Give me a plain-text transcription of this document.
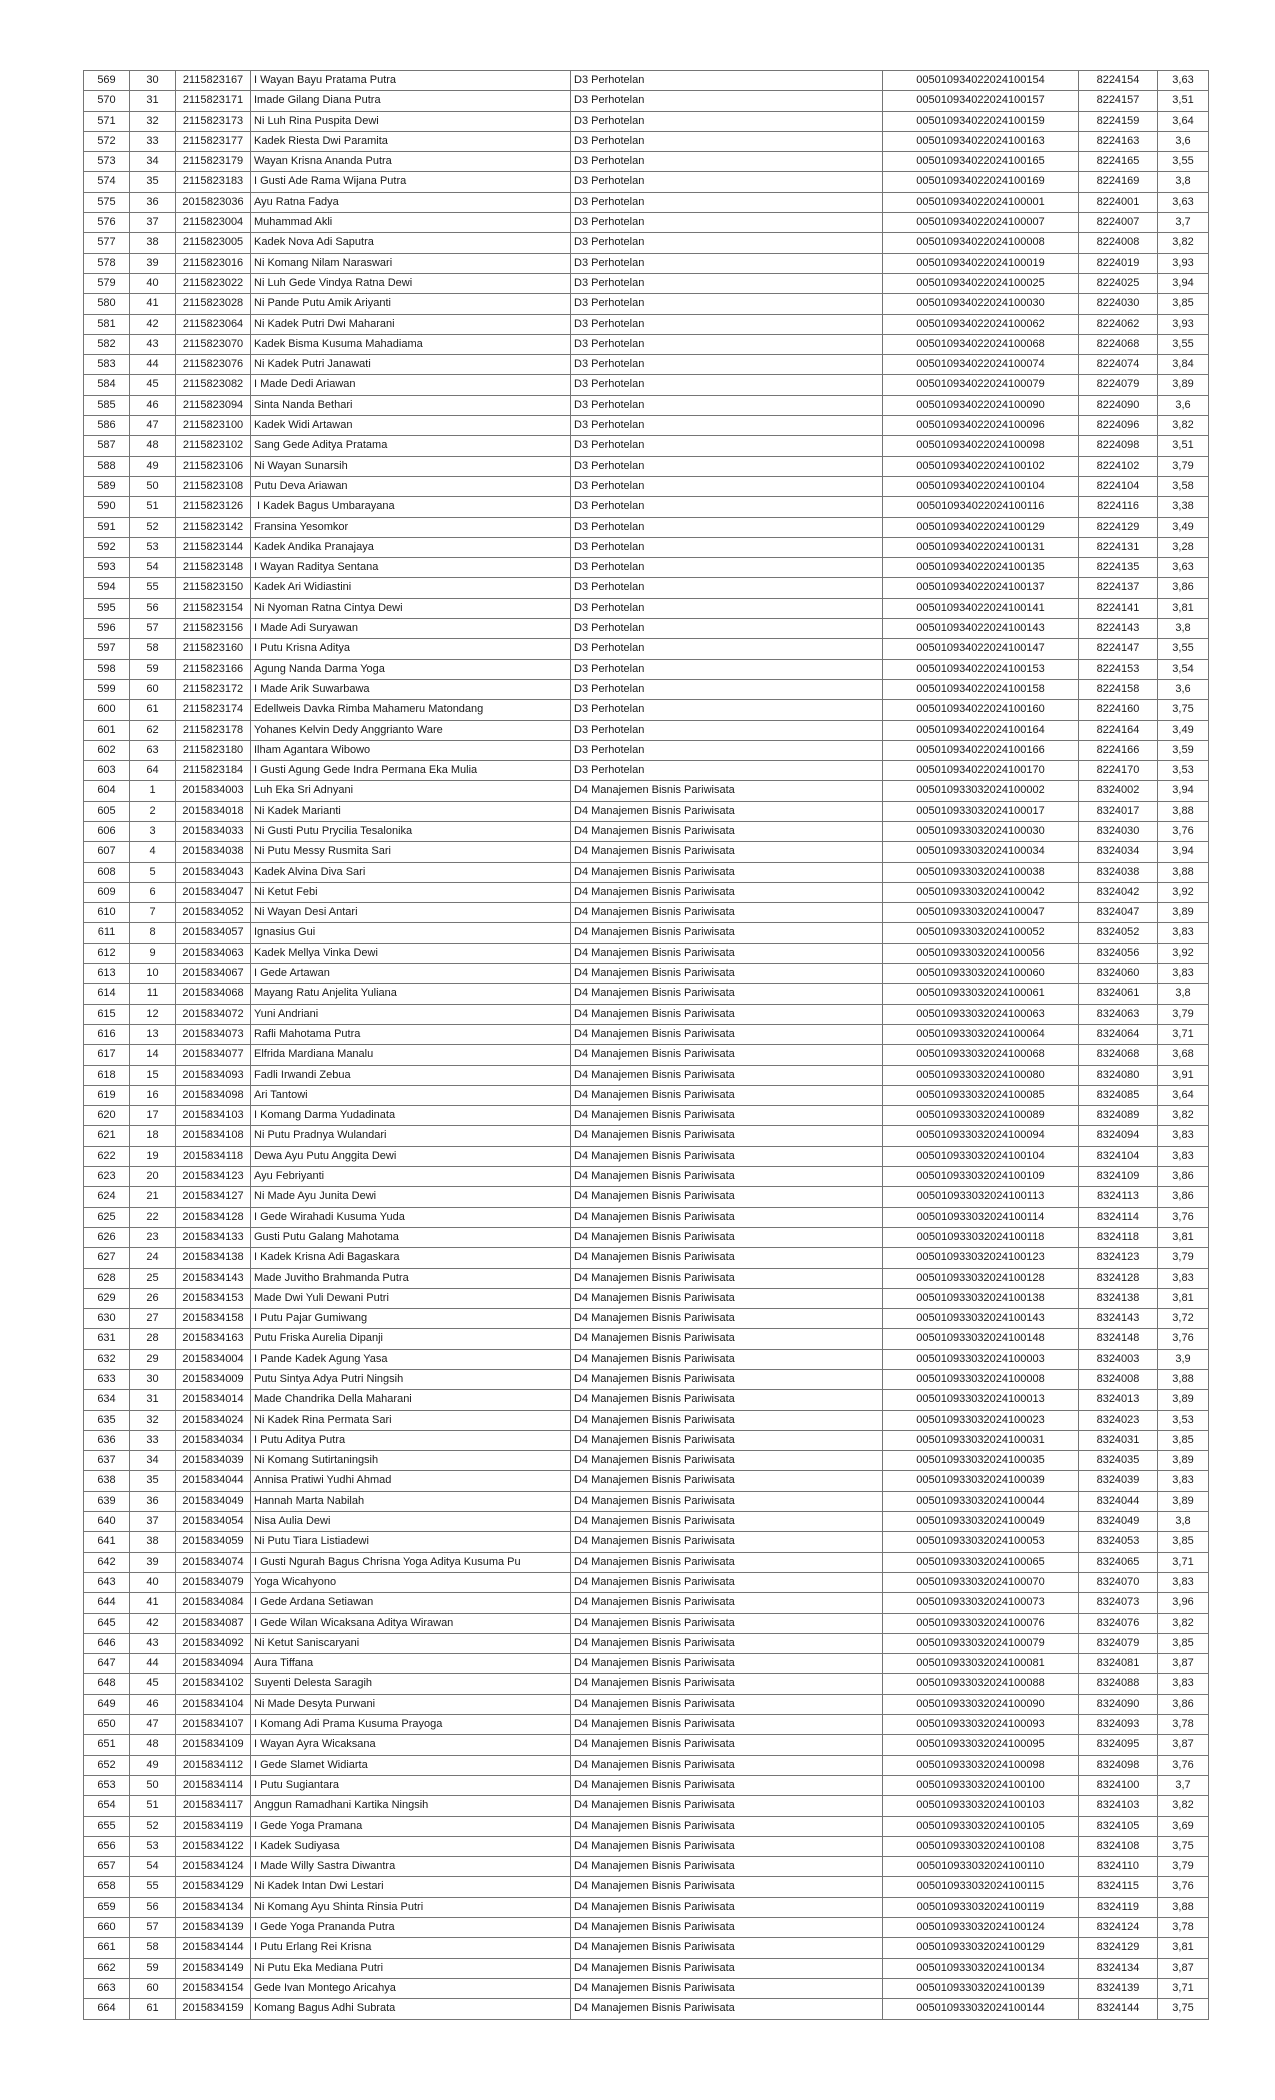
569	30	2115823167	I Wayan Bayu Pratama Putra	D3 Perhotelan	005010934022024100154	8224154	3,63
570	31	2115823171	Imade Gilang Diana Putra	D3 Perhotelan	005010934022024100157	8224157	3,51
571	32	2115823173	Ni Luh Rina Puspita Dewi	D3 Perhotelan	005010934022024100159	8224159	3,64
572	33	2115823177	Kadek Riesta Dwi Paramita	D3 Perhotelan	005010934022024100163	8224163	3,6
573	34	2115823179	Wayan Krisna Ananda Putra	D3 Perhotelan	005010934022024100165	8224165	3,55
574	35	2115823183	I Gusti Ade Rama Wijana Putra	D3 Perhotelan	005010934022024100169	8224169	3,8
575	36	2015823036	Ayu Ratna Fadya	D3 Perhotelan	005010934022024100001	8224001	3,63
576	37	2115823004	Muhammad Akli	D3 Perhotelan	005010934022024100007	8224007	3,7
577	38	2115823005	Kadek Nova Adi Saputra	D3 Perhotelan	005010934022024100008	8224008	3,82
578	39	2115823016	Ni Komang Nilam Naraswari	D3 Perhotelan	005010934022024100019	8224019	3,93
579	40	2115823022	Ni Luh Gede Vindya Ratna Dewi	D3 Perhotelan	005010934022024100025	8224025	3,94
580	41	2115823028	Ni Pande Putu Amik Ariyanti	D3 Perhotelan	005010934022024100030	8224030	3,85
581	42	2115823064	Ni Kadek Putri Dwi Maharani	D3 Perhotelan	005010934022024100062	8224062	3,93
582	43	2115823070	Kadek Bisma Kusuma Mahadiama	D3 Perhotelan	005010934022024100068	8224068	3,55
583	44	2115823076	Ni Kadek Putri Janawati	D3 Perhotelan	005010934022024100074	8224074	3,84
584	45	2115823082	I Made Dedi Ariawan	D3 Perhotelan	005010934022024100079	8224079	3,89
585	46	2115823094	Sinta Nanda Bethari	D3 Perhotelan	005010934022024100090	8224090	3,6
586	47	2115823100	Kadek Widi Artawan	D3 Perhotelan	005010934022024100096	8224096	3,82
587	48	2115823102	Sang Gede Aditya Pratama	D3 Perhotelan	005010934022024100098	8224098	3,51
588	49	2115823106	Ni Wayan Sunarsih	D3 Perhotelan	005010934022024100102	8224102	3,79
589	50	2115823108	Putu Deva Ariawan	D3 Perhotelan	005010934022024100104	8224104	3,58
590	51	2115823126	I Kadek Bagus Umbarayana	D3 Perhotelan	005010934022024100116	8224116	3,38
591	52	2115823142	Fransina Yesomkor	D3 Perhotelan	005010934022024100129	8224129	3,49
592	53	2115823144	Kadek Andika Pranajaya	D3 Perhotelan	005010934022024100131	8224131	3,28
593	54	2115823148	I Wayan Raditya Sentana	D3 Perhotelan	005010934022024100135	8224135	3,63
594	55	2115823150	Kadek Ari Widiastini	D3 Perhotelan	005010934022024100137	8224137	3,86
595	56	2115823154	Ni Nyoman Ratna Cintya Dewi	D3 Perhotelan	005010934022024100141	8224141	3,81
596	57	2115823156	I Made Adi Suryawan	D3 Perhotelan	005010934022024100143	8224143	3,8
597	58	2115823160	I Putu Krisna Aditya	D3 Perhotelan	005010934022024100147	8224147	3,55
598	59	2115823166	Agung Nanda Darma Yoga	D3 Perhotelan	005010934022024100153	8224153	3,54
599	60	2115823172	I Made Arik Suwarbawa	D3 Perhotelan	005010934022024100158	8224158	3,6
600	61	2115823174	Edellweis Davka Rimba Mahameru Matondang	D3 Perhotelan	005010934022024100160	8224160	3,75
601	62	2115823178	Yohanes Kelvin Dedy Anggrianto Ware	D3 Perhotelan	005010934022024100164	8224164	3,49
602	63	2115823180	Ilham Agantara Wibowo	D3 Perhotelan	005010934022024100166	8224166	3,59
603	64	2115823184	I Gusti Agung Gede Indra Permana Eka Mulia	D3 Perhotelan	005010934022024100170	8224170	3,53
604	1	2015834003	Luh Eka Sri Adnyani	D4 Manajemen Bisnis Pariwisata	005010933032024100002	8324002	3,94
605	2	2015834018	Ni Kadek Marianti	D4 Manajemen Bisnis Pariwisata	005010933032024100017	8324017	3,88
606	3	2015834033	Ni Gusti Putu Prycilia Tesalonika	D4 Manajemen Bisnis Pariwisata	005010933032024100030	8324030	3,76
607	4	2015834038	Ni Putu Messy Rusmita Sari	D4 Manajemen Bisnis Pariwisata	005010933032024100034	8324034	3,94
608	5	2015834043	Kadek Alvina Diva Sari	D4 Manajemen Bisnis Pariwisata	005010933032024100038	8324038	3,88
609	6	2015834047	Ni Ketut Febi	D4 Manajemen Bisnis Pariwisata	005010933032024100042	8324042	3,92
610	7	2015834052	Ni Wayan Desi Antari	D4 Manajemen Bisnis Pariwisata	005010933032024100047	8324047	3,89
611	8	2015834057	Ignasius Gui	D4 Manajemen Bisnis Pariwisata	005010933032024100052	8324052	3,83
612	9	2015834063	Kadek Mellya Vinka Dewi	D4 Manajemen Bisnis Pariwisata	005010933032024100056	8324056	3,92
613	10	2015834067	I Gede Artawan	D4 Manajemen Bisnis Pariwisata	005010933032024100060	8324060	3,83
614	11	2015834068	Mayang Ratu Anjelita Yuliana	D4 Manajemen Bisnis Pariwisata	005010933032024100061	8324061	3,8
615	12	2015834072	Yuni Andriani	D4 Manajemen Bisnis Pariwisata	005010933032024100063	8324063	3,79
616	13	2015834073	Rafli Mahotama Putra	D4 Manajemen Bisnis Pariwisata	005010933032024100064	8324064	3,71
617	14	2015834077	Elfrida Mardiana Manalu	D4 Manajemen Bisnis Pariwisata	005010933032024100068	8324068	3,68
618	15	2015834093	Fadli Irwandi Zebua	D4 Manajemen Bisnis Pariwisata	005010933032024100080	8324080	3,91
619	16	2015834098	Ari Tantowi	D4 Manajemen Bisnis Pariwisata	005010933032024100085	8324085	3,64
620	17	2015834103	I Komang Darma Yudadinata	D4 Manajemen Bisnis Pariwisata	005010933032024100089	8324089	3,82
621	18	2015834108	Ni Putu Pradnya Wulandari	D4 Manajemen Bisnis Pariwisata	005010933032024100094	8324094	3,83
622	19	2015834118	Dewa Ayu Putu Anggita Dewi	D4 Manajemen Bisnis Pariwisata	005010933032024100104	8324104	3,83
623	20	2015834123	Ayu Febriyanti	D4 Manajemen Bisnis Pariwisata	005010933032024100109	8324109	3,86
624	21	2015834127	Ni Made Ayu Junita Dewi	D4 Manajemen Bisnis Pariwisata	005010933032024100113	8324113	3,86
625	22	2015834128	I Gede Wirahadi Kusuma Yuda	D4 Manajemen Bisnis Pariwisata	005010933032024100114	8324114	3,76
626	23	2015834133	Gusti Putu Galang Mahotama	D4 Manajemen Bisnis Pariwisata	005010933032024100118	8324118	3,81
627	24	2015834138	I Kadek Krisna Adi Bagaskara	D4 Manajemen Bisnis Pariwisata	005010933032024100123	8324123	3,79
628	25	2015834143	Made Juvitho Brahmanda Putra	D4 Manajemen Bisnis Pariwisata	005010933032024100128	8324128	3,83
629	26	2015834153	Made Dwi Yuli Dewani Putri	D4 Manajemen Bisnis Pariwisata	005010933032024100138	8324138	3,81
630	27	2015834158	I Putu Pajar Gumiwang	D4 Manajemen Bisnis Pariwisata	005010933032024100143	8324143	3,72
631	28	2015834163	Putu Friska Aurelia Dipanji	D4 Manajemen Bisnis Pariwisata	005010933032024100148	8324148	3,76
632	29	2015834004	I Pande Kadek Agung Yasa	D4 Manajemen Bisnis Pariwisata	005010933032024100003	8324003	3,9
633	30	2015834009	Putu Sintya Adya Putri Ningsih	D4 Manajemen Bisnis Pariwisata	005010933032024100008	8324008	3,88
634	31	2015834014	Made Chandrika Della Maharani	D4 Manajemen Bisnis Pariwisata	005010933032024100013	8324013	3,89
635	32	2015834024	Ni Kadek Rina Permata Sari	D4 Manajemen Bisnis Pariwisata	005010933032024100023	8324023	3,53
636	33	2015834034	I Putu Aditya Putra	D4 Manajemen Bisnis Pariwisata	005010933032024100031	8324031	3,85
637	34	2015834039	Ni Komang Sutirtaningsih	D4 Manajemen Bisnis Pariwisata	005010933032024100035	8324035	3,89
638	35	2015834044	Annisa Pratiwi Yudhi Ahmad	D4 Manajemen Bisnis Pariwisata	005010933032024100039	8324039	3,83
639	36	2015834049	Hannah Marta Nabilah	D4 Manajemen Bisnis Pariwisata	005010933032024100044	8324044	3,89
640	37	2015834054	Nisa Aulia Dewi	D4 Manajemen Bisnis Pariwisata	005010933032024100049	8324049	3,8
641	38	2015834059	Ni Putu Tiara Listiadewi	D4 Manajemen Bisnis Pariwisata	005010933032024100053	8324053	3,85
642	39	2015834074	I Gusti Ngurah Bagus Chrisna Yoga Aditya Kusuma Pu	D4 Manajemen Bisnis Pariwisata	005010933032024100065	8324065	3,71
643	40	2015834079	Yoga Wicahyono	D4 Manajemen Bisnis Pariwisata	005010933032024100070	8324070	3,83
644	41	2015834084	I Gede Ardana Setiawan	D4 Manajemen Bisnis Pariwisata	005010933032024100073	8324073	3,96
645	42	2015834087	I Gede Wilan Wicaksana Aditya Wirawan	D4 Manajemen Bisnis Pariwisata	005010933032024100076	8324076	3,82
646	43	2015834092	Ni Ketut Saniscaryani	D4 Manajemen Bisnis Pariwisata	005010933032024100079	8324079	3,85
647	44	2015834094	Aura Tiffana	D4 Manajemen Bisnis Pariwisata	005010933032024100081	8324081	3,87
648	45	2015834102	Suyenti Delesta Saragih	D4 Manajemen Bisnis Pariwisata	005010933032024100088	8324088	3,83
649	46	2015834104	Ni Made Desyta Purwani	D4 Manajemen Bisnis Pariwisata	005010933032024100090	8324090	3,86
650	47	2015834107	I Komang Adi Prama Kusuma Prayoga	D4 Manajemen Bisnis Pariwisata	005010933032024100093	8324093	3,78
651	48	2015834109	I Wayan Ayra Wicaksana	D4 Manajemen Bisnis Pariwisata	005010933032024100095	8324095	3,87
652	49	2015834112	I Gede Slamet Widiarta	D4 Manajemen Bisnis Pariwisata	005010933032024100098	8324098	3,76
653	50	2015834114	I Putu Sugiantara	D4 Manajemen Bisnis Pariwisata	005010933032024100100	8324100	3,7
654	51	2015834117	Anggun Ramadhani Kartika Ningsih	D4 Manajemen Bisnis Pariwisata	005010933032024100103	8324103	3,82
655	52	2015834119	I Gede Yoga Pramana	D4 Manajemen Bisnis Pariwisata	005010933032024100105	8324105	3,69
656	53	2015834122	I Kadek Sudiyasa	D4 Manajemen Bisnis Pariwisata	005010933032024100108	8324108	3,75
657	54	2015834124	I Made Willy Sastra Diwantra	D4 Manajemen Bisnis Pariwisata	005010933032024100110	8324110	3,79
658	55	2015834129	Ni Kadek Intan Dwi Lestari	D4 Manajemen Bisnis Pariwisata	005010933032024100115	8324115	3,76
659	56	2015834134	Ni Komang Ayu Shinta Rinsia Putri	D4 Manajemen Bisnis Pariwisata	005010933032024100119	8324119	3,88
660	57	2015834139	I Gede Yoga Prananda Putra	D4 Manajemen Bisnis Pariwisata	005010933032024100124	8324124	3,78
661	58	2015834144	I Putu Erlang Rei Krisna	D4 Manajemen Bisnis Pariwisata	005010933032024100129	8324129	3,81
662	59	2015834149	Ni Putu Eka Mediana Putri	D4 Manajemen Bisnis Pariwisata	005010933032024100134	8324134	3,87
663	60	2015834154	Gede Ivan Montego Aricahya	D4 Manajemen Bisnis Pariwisata	005010933032024100139	8324139	3,71
664	61	2015834159	Komang Bagus Adhi Subrata	D4 Manajemen Bisnis Pariwisata	005010933032024100144	8324144	3,75
